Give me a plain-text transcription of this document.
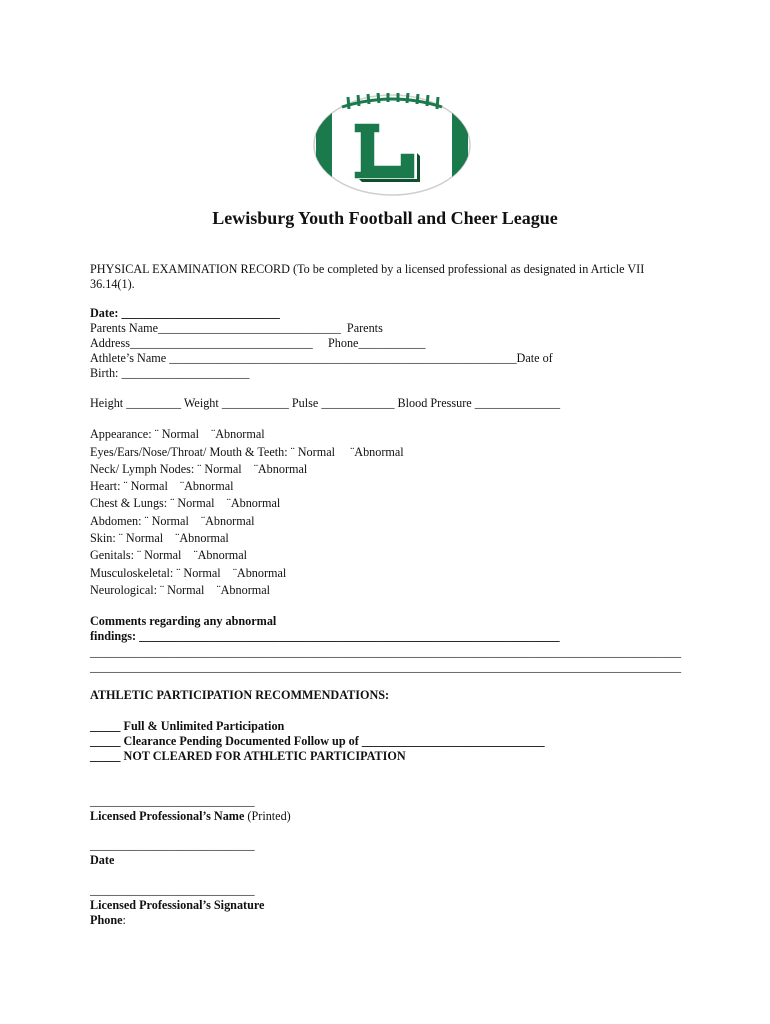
Lewisburg Youth Football and Cheer League
PHYSICAL EXAMINATION RECORD (To be completed by a licensed professional as designated in Article VII 36.14(1).
Date: __________________________
Parents Name______________________________  Parents
Address______________________________     Phone___________
Athlete’s Name _________________________________________________________Date of
Birth: _____________________
Height _________ Weight ___________ Pulse ____________ Blood Pressure ______________
Appearance: ¨ Normal    ¨Abnormal
Eyes/Ears/Nose/Throat/ Mouth & Teeth: ¨ Normal     ¨Abnormal
Neck/ Lymph Nodes: ¨ Normal    ¨Abnormal
Heart: ¨ Normal    ¨Abnormal
Chest & Lungs: ¨ Normal    ¨Abnormal
Abdomen: ¨ Normal    ¨Abnormal
Skin: ¨ Normal    ¨Abnormal
Genitals: ¨ Normal    ¨Abnormal
Musculoskeletal: ¨ Normal    ¨Abnormal
Neurological: ¨ Normal    ¨Abnormal
Comments regarding any abnormal
findings: _____________________________________________________________________
_________________________________________________________________________________________________
_________________________________________________________________________________________________
ATHLETIC PARTICIPATION RECOMMENDATIONS:
_____ Full & Unlimited Participation
_____ Clearance Pending Documented Follow up of ______________________________
_____ NOT CLEARED FOR ATHLETIC PARTICIPATION
___________________________
Licensed Professional’s Name (Printed)
___________________________
Date
___________________________
Licensed Professional’s Signature
Phone:
